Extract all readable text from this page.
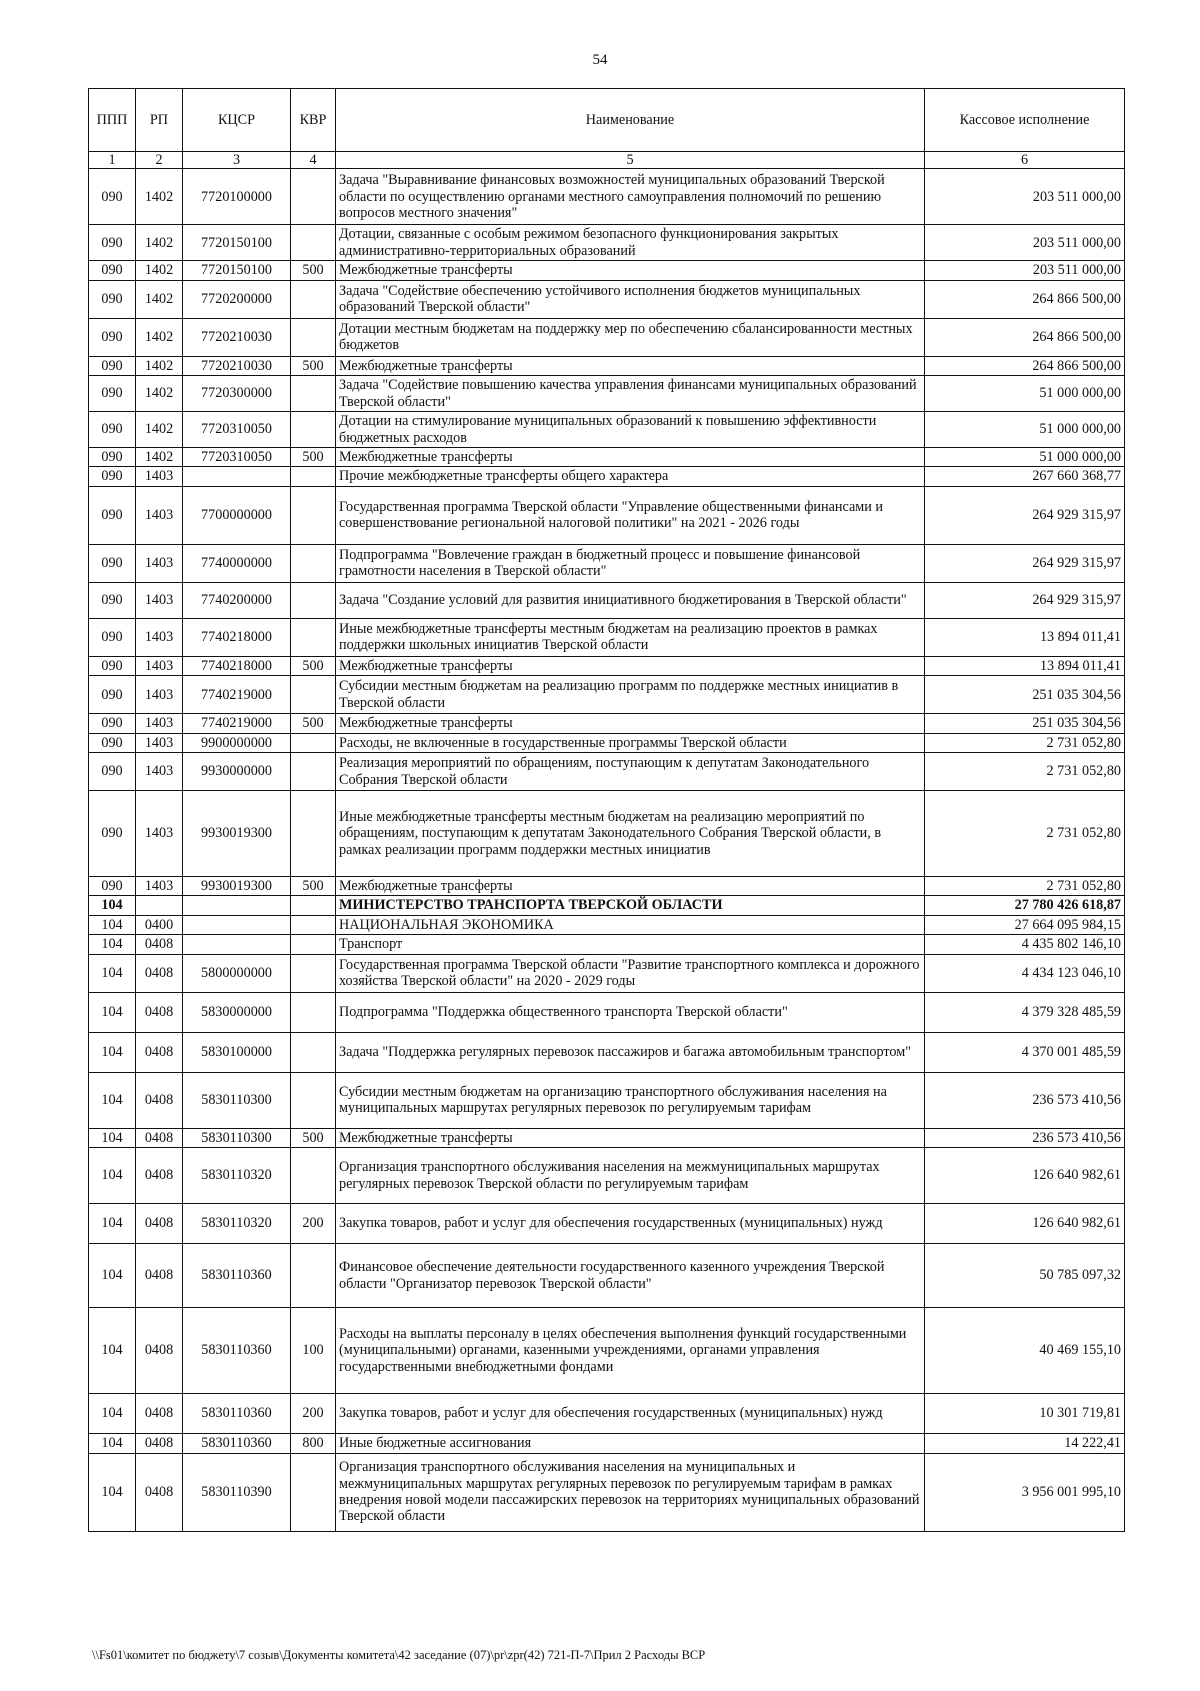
54
ППП	РП	КЦСР	КВР	Наименование	Кассовое исполнение
1	2	3	4	5	6
090	1402	7720100000		Задача "Выравнивание финансовых возможностей муниципальных образований Тверской области по осуществлению органами местного самоуправления полномочий по решению вопросов местного значения"	203 511 000,00
090	1402	7720150100		Дотации, связанные с особым режимом безопасного функционирования закрытых административно-территориальных образований	203 511 000,00
090	1402	7720150100	500	Межбюджетные трансферты	203 511 000,00
090	1402	7720200000		Задача "Содействие обеспечению устойчивого исполнения бюджетов муниципальных образований Тверской области"	264 866 500,00
090	1402	7720210030		Дотации местным бюджетам на поддержку мер по обеспечению сбалансированности местных бюджетов	264 866 500,00
090	1402	7720210030	500	Межбюджетные трансферты	264 866 500,00
090	1402	7720300000		Задача "Содействие повышению качества управления финансами муниципальных образований Тверской области"	51 000 000,00
090	1402	7720310050		Дотации на стимулирование муниципальных образований к повышению эффективности бюджетных расходов	51 000 000,00
090	1402	7720310050	500	Межбюджетные трансферты	51 000 000,00
090	1403			Прочие межбюджетные трансферты общего характера	267 660 368,77
090	1403	7700000000		Государственная программа Тверской области "Управление общественными финансами и совершенствование региональной налоговой политики" на 2021 - 2026 годы	264 929 315,97
090	1403	7740000000		Подпрограмма "Вовлечение граждан в бюджетный процесс и повышение финансовой грамотности населения в Тверской области"	264 929 315,97
090	1403	7740200000		Задача "Создание условий для развития инициативного бюджетирования в Тверской области"	264 929 315,97
090	1403	7740218000		Иные межбюджетные трансферты местным бюджетам на реализацию проектов в рамках поддержки школьных инициатив Тверской области	13 894 011,41
090	1403	7740218000	500	Межбюджетные трансферты	13 894 011,41
090	1403	7740219000		Субсидии местным бюджетам на реализацию программ по поддержке местных инициатив в Тверской области	251 035 304,56
090	1403	7740219000	500	Межбюджетные трансферты	251 035 304,56
090	1403	9900000000		Расходы, не включенные в государственные программы Тверской области	2 731 052,80
090	1403	9930000000		Реализация мероприятий по обращениям, поступающим к депутатам Законодательного Собрания Тверской области	2 731 052,80
090	1403	9930019300		Иные межбюджетные трансферты местным бюджетам на реализацию мероприятий по обращениям, поступающим к депутатам Законодательного Собрания Тверской области, в рамках реализации программ поддержки местных инициатив	2 731 052,80
090	1403	9930019300	500	Межбюджетные трансферты	2 731 052,80
104				МИНИСТЕРСТВО ТРАНСПОРТА ТВЕРСКОЙ ОБЛАСТИ	27 780 426 618,87
104	0400			НАЦИОНАЛЬНАЯ ЭКОНОМИКА	27 664 095 984,15
104	0408			Транспорт	4 435 802 146,10
104	0408	5800000000		Государственная программа Тверской области "Развитие транспортного комплекса и дорожного хозяйства Тверской области" на 2020 - 2029 годы	4 434 123 046,10
104	0408	5830000000		Подпрограмма "Поддержка общественного транспорта Тверской области"	4 379 328 485,59
104	0408	5830100000		Задача "Поддержка регулярных перевозок пассажиров и багажа автомобильным транспортом"	4 370 001 485,59
104	0408	5830110300		Субсидии местным бюджетам на организацию транспортного обслуживания населения на муниципальных маршрутах регулярных перевозок по регулируемым тарифам	236 573 410,56
104	0408	5830110300	500	Межбюджетные трансферты	236 573 410,56
104	0408	5830110320		Организация транспортного обслуживания населения на межмуниципальных маршрутах регулярных перевозок Тверской области по регулируемым тарифам	126 640 982,61
104	0408	5830110320	200	Закупка товаров, работ и услуг для обеспечения государственных (муниципальных) нужд	126 640 982,61
104	0408	5830110360		Финансовое обеспечение деятельности государственного казенного учреждения Тверской области "Организатор перевозок Тверской области"	50 785 097,32
104	0408	5830110360	100	Расходы на выплаты персоналу в целях обеспечения выполнения функций государственными (муниципальными) органами, казенными учреждениями, органами управления государственными внебюджетными фондами	40 469 155,10
104	0408	5830110360	200	Закупка товаров, работ и услуг для обеспечения государственных (муниципальных) нужд	10 301 719,81
104	0408	5830110360	800	Иные бюджетные ассигнования	14 222,41
104	0408	5830110390		Организация транспортного обслуживания населения на муниципальных и межмуниципальных маршрутах регулярных перевозок по регулируемым тарифам в рамках внедрения новой модели пассажирских перевозок на территориях муниципальных образований Тверской области	3 956 001 995,10
\\Fs01\комитет по бюджету\7 созыв\Документы комитета\42 заседание (07)\pr\zpr(42) 721-П-7\Прил 2 Расходы ВСР
